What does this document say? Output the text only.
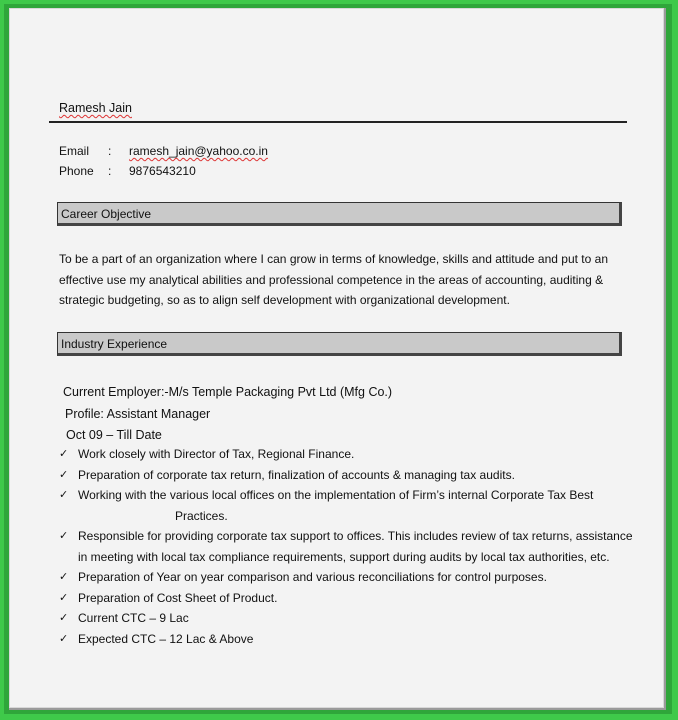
Ramesh Jain
Email	: ramesh_jain@yahoo.co.in
Phone	: 9876543210
Career Objective
To be a part of an organization where I can grow in terms of knowledge, skills and attitude and put to an effective use my analytical abilities and professional competence in the areas of accounting, auditing & strategic budgeting, so as to align self development with organizational development.
Industry Experience
Current Employer:-M/s Temple Packaging Pvt Ltd (Mfg Co.)
Profile: Assistant Manager
Oct 09 – Till Date
✓ Work closely with Director of Tax, Regional Finance.
✓ Preparation of corporate tax return, finalization of accounts & managing tax audits.
✓ Working with the various local offices on the implementation of Firm’s internal Corporate Tax Best
Practices.
✓ Responsible for providing corporate tax support to offices. This includes review of tax returns, assistance in meeting with local tax compliance requirements, support during audits by local tax authorities, etc.
✓ Preparation of Year on year comparison and various reconciliations for control purposes.
✓ Preparation of Cost Sheet of Product.
✓ Current CTC – 9 Lac
✓ Expected CTC – 12 Lac & Above
